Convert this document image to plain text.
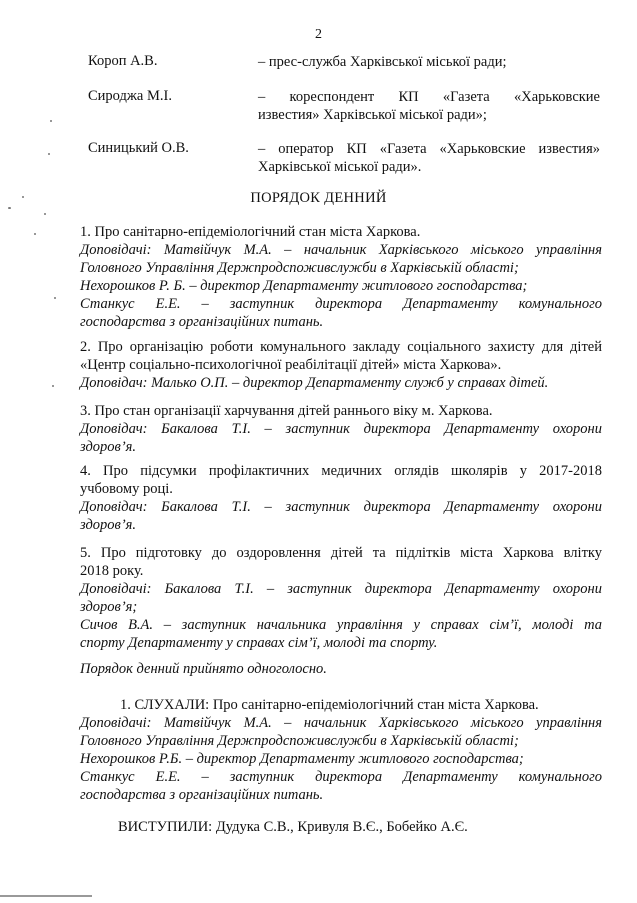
2
Короп А.В.	– прес-служба Харківської міської ради;
Сироджа М.І.	– кореспондент КП «Газета «Харьковские
известия» Харківської міської ради»;
Синицький О.В.	– оператор КП «Газета «Харьковские известия»
Харківської міської ради».
ПОРЯДОК ДЕННИЙ
1. Про санітарно-епідеміологічний стан міста Харкова.
Доповідачі: Матвійчук М.А. – начальник Харківського міського управління
Головного Управління Держпродспоживслужби в Харківській області;
Нехорошков Р. Б. – директор Департаменту житлового господарства;
Станкус Е.Е. – заступник директора Департаменту комунального
господарства з організаційних питань.
2. Про організацію роботи комунального закладу соціального захисту для дітей
«Центр соціально-психологічної реабілітації дітей» міста Харкова».
Доповідач: Малько О.П. – директор Департаменту служб у справах дітей.
3. Про стан організації харчування дітей раннього віку м. Харкова.
Доповідач: Бакалова Т.І. – заступник директора Департаменту охорони
здоров’я.
4. Про підсумки профілактичних медичних оглядів школярів у 2017-2018
учбовому році.
Доповідач: Бакалова Т.І. – заступник директора Департаменту охорони
здоров’я.
5. Про підготовку до оздоровлення дітей та підлітків міста Харкова влітку
2018 року.
Доповідачі: Бакалова Т.І. – заступник директора Департаменту охорони
здоров’я;
Сичов В.А. – заступник начальника управління у справах сім’ї, молоді та
спорту Департаменту у справах сім’ї, молоді та спорту.
Порядок денний прийнято одноголосно.
1. СЛУХАЛИ: Про санітарно-епідеміологічний стан міста Харкова.
Доповідачі: Матвійчук М.А. – начальник Харківського міського управління
Головного Управління Держпродспоживслужби в Харківській області;
Нехорошков Р.Б. – директор Департаменту житлового господарства;
Станкус Е.Е. – заступник директора Департаменту комунального
господарства з організаційних питань.
ВИСТУПИЛИ: Дудука С.В., Кривуля В.Є., Бобейко А.Є.
